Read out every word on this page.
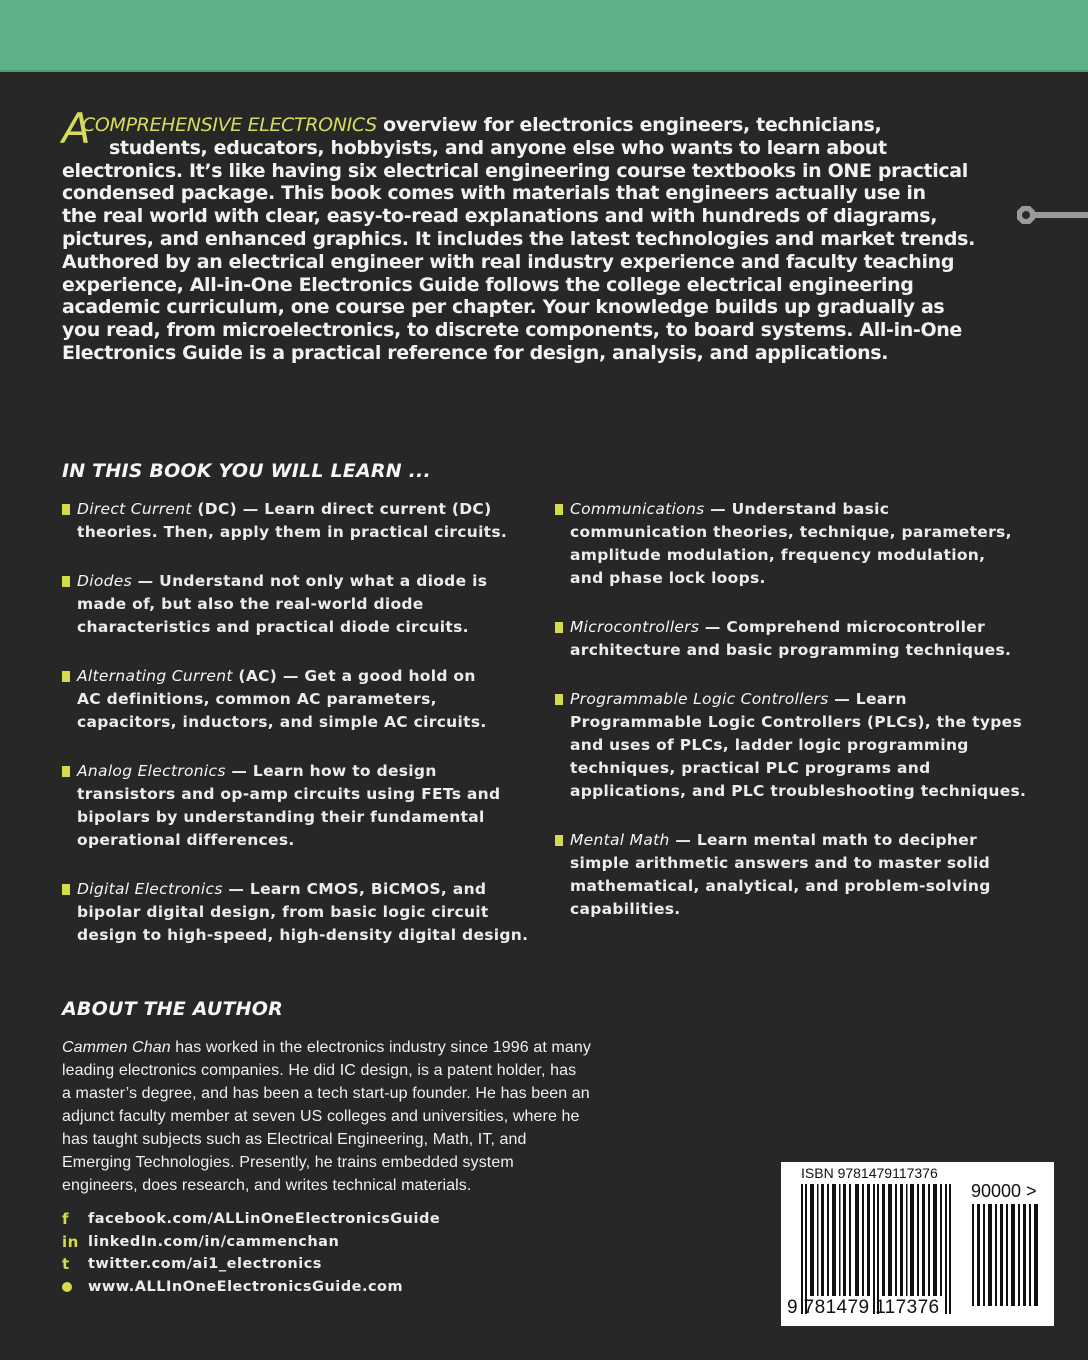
A
COMPREHENSIVE ELECTRONICS overview for electronics engineers, technicians,
students, educators, hobbyists, and anyone else who wants to learn about
electronics. It’s like having six electrical engineering course textbooks in ONE practical
condensed package. This book comes with materials that engineers actually use in
the real world with clear, easy-to-read explanations and with hundreds of diagrams,
pictures, and enhanced graphics. It includes the latest technologies and market trends.
Authored by an electrical engineer with real industry experience and faculty teaching
experience, All-in-One Electronics Guide follows the college electrical engineering
academic curriculum, one course per chapter. Your knowledge builds up gradually as
you read, from microelectronics, to discrete components, to board systems. All-in-One
Electronics Guide is a practical reference for design, analysis, and applications.
IN THIS BOOK YOU WILL LEARN ...
Direct Current (DC) — Learn direct current (DC)
theories. Then, apply them in practical circuits.
Diodes — Understand not only what a diode is
made of, but also the real-world diode
characteristics and practical diode circuits.
Alternating Current (AC) — Get a good hold on
AC definitions, common AC parameters,
capacitors, inductors, and simple AC circuits.
Analog Electronics — Learn how to design
transistors and op-amp circuits using FETs and
bipolars by understanding their fundamental
operational differences.
Digital Electronics — Learn CMOS, BiCMOS, and
bipolar digital design, from basic logic circuit
design to high-speed, high-density digital design.
Communications — Understand basic
communication theories, technique, parameters,
amplitude modulation, frequency modulation,
and phase lock loops.
Microcontrollers — Comprehend microcontroller
architecture and basic programming techniques.
Programmable Logic Controllers — Learn
Programmable Logic Controllers (PLCs), the types
and uses of PLCs, ladder logic programming
techniques, practical PLC programs and
applications, and PLC troubleshooting techniques.
Mental Math — Learn mental math to decipher
simple arithmetic answers and to master solid
mathematical, analytical, and problem-solving
capabilities.
ABOUT THE AUTHOR
Cammen Chan has worked in the electronics industry since 1996 at many
leading electronics companies. He did IC design, is a patent holder, has
a master’s degree, and has been a tech start-up founder. He has been an
adjunct faculty member at seven US colleges and universities, where he
has taught subjects such as Electrical Engineering, Math, IT, and
Emerging Technologies. Presently, he trains embedded system
engineers, does research, and writes technical materials.
f	facebook.com/ALLinOneElectronicsGuide
in linkedIn.com/in/cammenchan
t	twitter.com/ai1_electronics
www.ALLInOneElectronicsGuide.com
ISBN 9781479117376
90000 >
9 781479 117376
